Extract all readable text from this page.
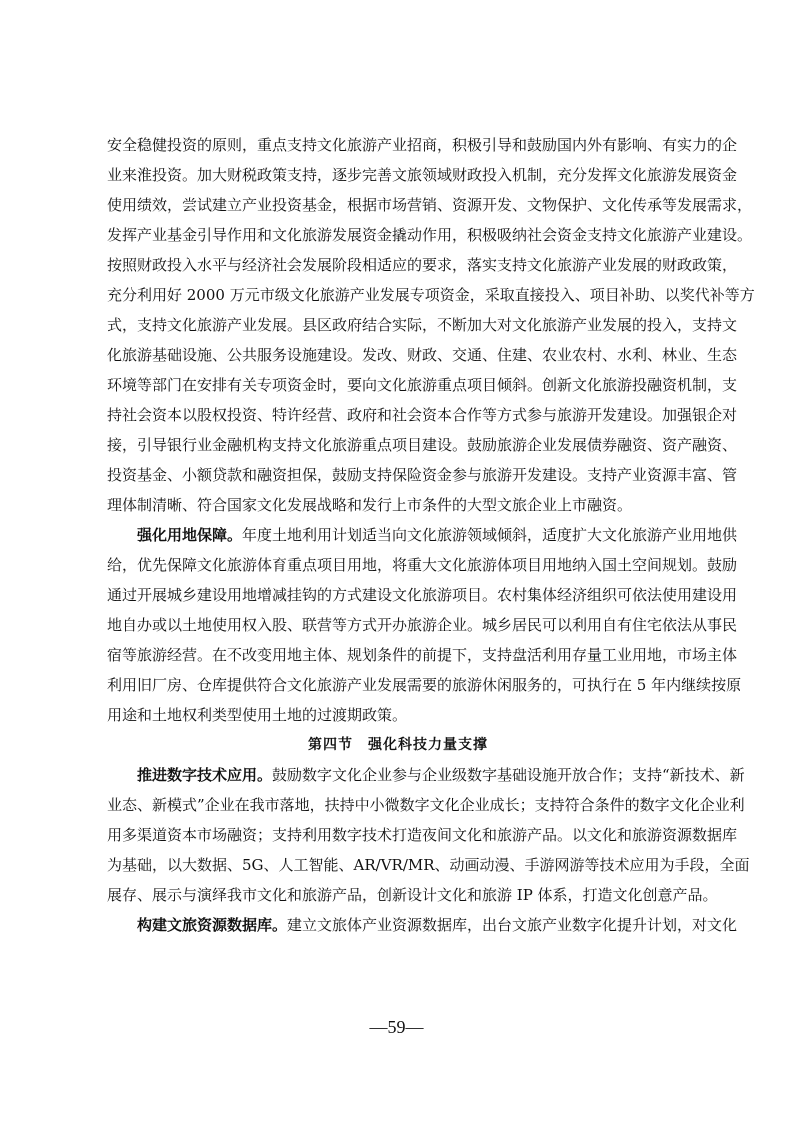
安全稳健投资的原则，重点支持文化旅游产业招商，积极引导和鼓励国内外有影响、有实力的企
业来淮投资。加大财税政策支持，逐步完善文旅领域财政投入机制，充分发挥文化旅游发展资金
使用绩效，尝试建立产业投资基金，根据市场营销、资源开发、文物保护、文化传承等发展需求，
发挥产业基金引导作用和文化旅游发展资金撬动作用，积极吸纳社会资金支持文化旅游产业建设。
按照财政投入水平与经济社会发展阶段相适应的要求，落实支持文化旅游产业发展的财政政策，
充分利用好 2000 万元市级文化旅游产业发展专项资金，采取直接投入、项目补助、以奖代补等方
式，支持文化旅游产业发展。县区政府结合实际，不断加大对文化旅游产业发展的投入，支持文
化旅游基础设施、公共服务设施建设。发改、财政、交通、住建、农业农村、水利、林业、生态
环境等部门在安排有关专项资金时，要向文化旅游重点项目倾斜。创新文化旅游投融资机制，支
持社会资本以股权投资、特许经营、政府和社会资本合作等方式参与旅游开发建设。加强银企对
接，引导银行业金融机构支持文化旅游重点项目建设。鼓励旅游企业发展债券融资、资产融资、
投资基金、小额贷款和融资担保，鼓励支持保险资金参与旅游开发建设。支持产业资源丰富、管
理体制清晰、符合国家文化发展战略和发行上市条件的大型文旅企业上市融资。
强化用地保障。年度土地利用计划适当向文化旅游领域倾斜，适度扩大文化旅游产业用地供
给，优先保障文化旅游体育重点项目用地，将重大文化旅游体项目用地纳入国土空间规划。鼓励
通过开展城乡建设用地增减挂钩的方式建设文化旅游项目。农村集体经济组织可依法使用建设用
地自办或以土地使用权入股、联营等方式开办旅游企业。城乡居民可以利用自有住宅依法从事民
宿等旅游经营。在不改变用地主体、规划条件的前提下，支持盘活利用存量工业用地，市场主体
利用旧厂房、仓库提供符合文化旅游产业发展需要的旅游休闲服务的，可执行在 5 年内继续按原
用途和土地权利类型使用土地的过渡期政策。
第四节　强化科技力量支撑
推进数字技术应用。鼓励数字文化企业参与企业级数字基础设施开放合作；支持“新技术、新
业态、新模式”企业在我市落地，扶持中小微数字文化企业成长；支持符合条件的数字文化企业利
用多渠道资本市场融资；支持利用数字技术打造夜间文化和旅游产品。以文化和旅游资源数据库
为基础，以大数据、5G、人工智能、AR/VR/MR、动画动漫、手游网游等技术应用为手段，全面
展存、展示与演绎我市文化和旅游产品，创新设计文化和旅游 IP 体系，打造文化创意产品。
构建文旅资源数据库。建立文旅体产业资源数据库，出台文旅产业数字化提升计划，对文化
—59—
